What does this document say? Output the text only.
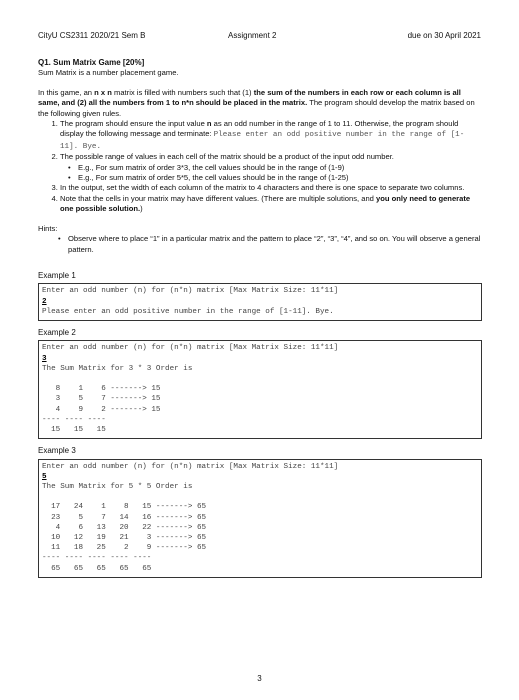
CityU CS2311 2020/21 Sem B	Assignment 2	due on 30 April 2021

Q1. Sum Matrix Game [20%]

Sum Matrix is a number placement game.

In this game, an n x n matrix is filled with numbers such that (1) the sum of the numbers in each row or each column is all same, and (2) all the numbers from 1 to n*n should be placed in the matrix. The program should develop the matrix based on the following given rules.

1. The program should ensure the input value n as an odd number in the range of 1 to 11. Otherwise, the program should display the following message and terminate: Please enter an odd positive number in the range of [1-11]. Bye.
2. The possible range of values in each cell of the matrix should be a product of the input odd number.
• E.g., For sum matrix of order 3*3, the cell values should be in the range of (1-9)
• E.g., For sum matrix of order 5*5, the cell values should be in the range of (1-25)
3. In the output, set the width of each column of the matrix to 4 characters and there is one space to separate two columns.
4. Note that the cells in your matrix may have different values. (There are multiple solutions, and you only need to generate one possible solution.)

Hints:

• Observe where to place “1” in a particular matrix and the pattern to place “2”, “3”, “4”, and so on. You will observe a general pattern.
Example 1
Enter an odd number (n) for (n*n) matrix [Max Matrix Size: 11*11]
2
Please enter an odd positive number in the range of [1-11]. Bye.
Example 2
Enter an odd number (n) for (n*n) matrix [Max Matrix Size: 11*11]
3
The Sum Matrix for 3 * 3 Order is

8    1    6 -------> 15
3    5    7 -------> 15
4    9    2 -------> 15
---- ---- ----
15   15   15
Example 3
Enter an odd number (n) for (n*n) matrix [Max Matrix Size: 11*11]
5
The Sum Matrix for 5 * 5 Order is

17   24    1    8   15 -------> 65
23    5    7   14   16 -------> 65
4    6   13   20   22 -------> 65
10   12   19   21    3 -------> 65
11   18   25    2    9 -------> 65
---- ---- ---- ---- ----
65   65   65   65   65
3
